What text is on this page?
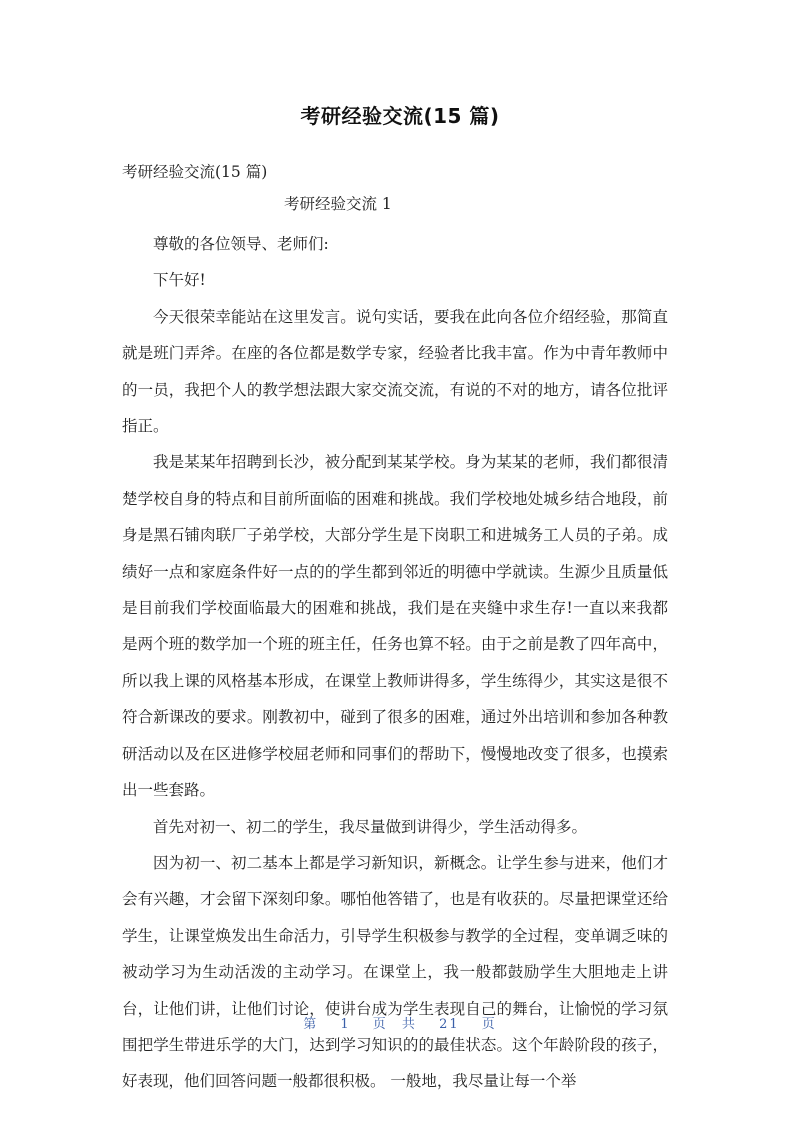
考研经验交流(15 篇)
考研经验交流(15 篇)
考研经验交流 1

尊敬的各位领导、老师们:

下午好!

今天很荣幸能站在这里发言。说句实话，要我在此向各位介绍经验，那简直就是班门弄斧。在座的各位都是数学专家，经验者比我丰富。作为中青年教师中的一员，我把个人的教学想法跟大家交流交流，有说的不对的地方，请各位批评指正。

我是某某年招聘到长沙，被分配到某某学校。身为某某的老师，我们都很清楚学校自身的特点和目前所面临的困难和挑战。我们学校地处城乡结合地段，前身是黑石铺肉联厂子弟学校，大部分学生是下岗职工和进城务工人员的子弟。成绩好一点和家庭条件好一点的的学生都到邻近的明德中学就读。生源少且质量低是目前我们学校面临最大的困难和挑战，我们是在夹缝中求生存!一直以来我都是两个班的数学加一个班的班主任，任务也算不轻。由于之前是教了四年高中，所以我上课的风格基本形成，在课堂上教师讲得多，学生练得少，其实这是很不符合新课改的要求。刚教初中，碰到了很多的困难，通过外出培训和参加各种教研活动以及在区进修学校屈老师和同事们的帮助下，慢慢地改变了很多，也摸索出一些套路。

首先对初一、初二的学生，我尽量做到讲得少，学生活动得多。

因为初一、初二基本上都是学习新知识，新概念。让学生参与进来，他们才会有兴趣，才会留下深刻印象。哪怕他答错了，也是有收获的。尽量把课堂还给学生，让课堂焕发出生命活力，引导学生积极参与教学的全过程，变单调乏味的被动学习为生动活泼的主动学习。在课堂上，我一般都鼓励学生大胆地走上讲台，让他们讲，让他们讨论，使讲台成为学生表现自己的舞台，让愉悦的学习氛围把学生带进乐学的大门，达到学习知识的的最佳状态。这个年龄阶段的孩子，好表现，他们回答问题一般都很积极。 一般地，我尽量让每一个举

第 1 页 共 21 页
